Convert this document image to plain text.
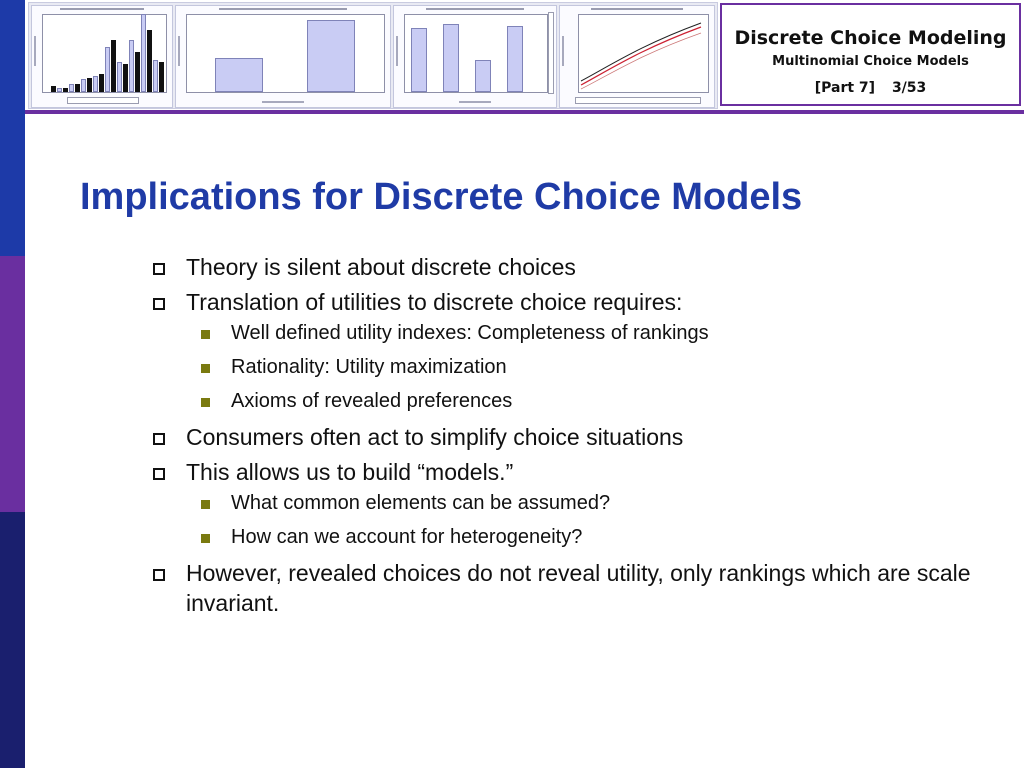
Discrete Choice Modeling
Multinomial Choice Models
[Part 7] 3/53
Implications for Discrete Choice Models
Theory is silent about discrete choices
Translation of utilities to discrete choice requires:
Well defined utility indexes: Completeness of rankings
Rationality: Utility maximization
Axioms of revealed preferences
Consumers often act to simplify choice situations
This allows us to build “models.”
What common elements can be assumed?
How can we account for heterogeneity?
However, revealed choices do not reveal utility, only rankings which are scale invariant.
